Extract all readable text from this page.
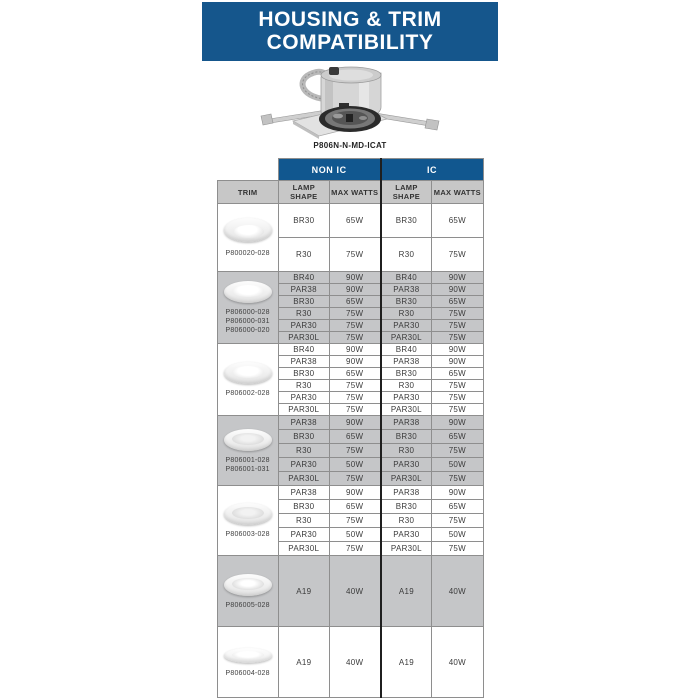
HOUSING & TRIM
COMPATIBILITY
P806N-N-MD-ICAT
	NON IC		IC	
TRIM	LAMP SHAPE	MAX WATTS	LAMP SHAPE	MAX WATTS

P800020-028	BR30	65W	BR30	65W
	R30	75W	R30	75W

P806000-028
P806000-031
P806000-020	BR40	90W	BR40	90W
	PAR38	90W	PAR38	90W
	BR30	65W	BR30	65W
	R30	75W	R30	75W
	PAR30	75W	PAR30	75W
	PAR30L	75W	PAR30L	75W

P806002-028	BR40	90W	BR40	90W
	PAR38	90W	PAR38	90W
	BR30	65W	BR30	65W
	R30	75W	R30	75W
	PAR30	75W	PAR30	75W
	PAR30L	75W	PAR30L	75W

P806001-028
P806001-031	PAR38	90W	PAR38	90W
	BR30	65W	BR30	65W
	R30	75W	R30	75W
	PAR30	50W	PAR30	50W
	PAR30L	75W	PAR30L	75W

P806003-028	PAR38	90W	PAR38	90W
	BR30	65W	BR30	65W
	R30	75W	R30	75W
	PAR30	50W	PAR30	50W
	PAR30L	75W	PAR30L	75W

P806005-028	A19	40W	A19	40W

P806004-028	A19	40W	A19	40W
